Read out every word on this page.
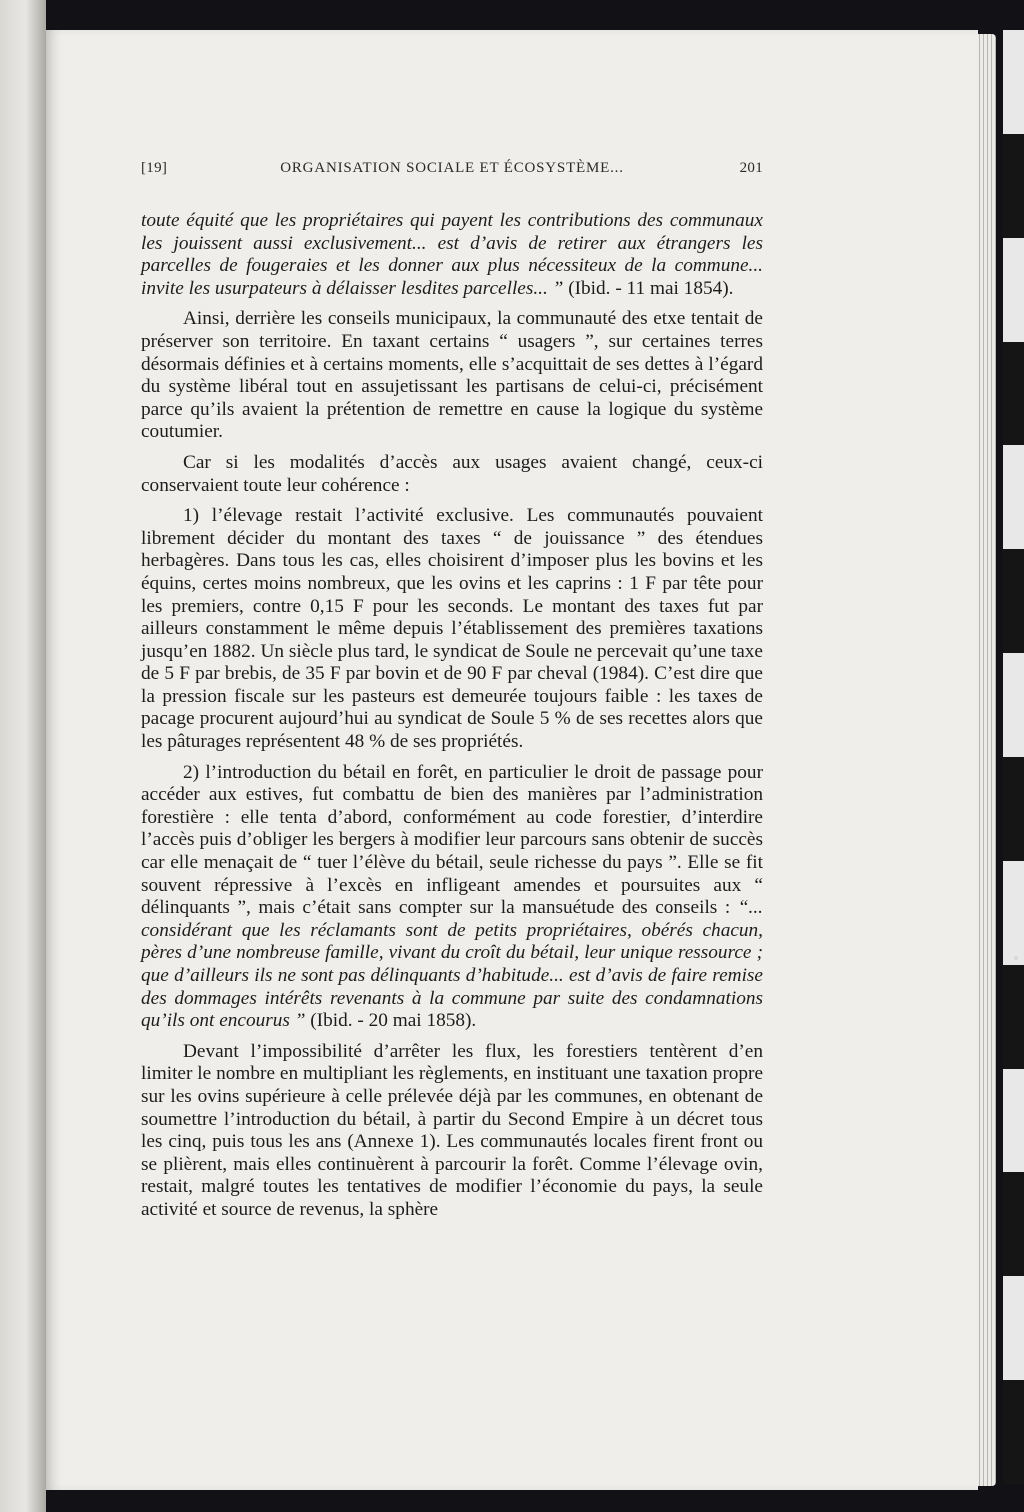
[19]	ORGANISATION SOCIALE ET ÉCOSYSTÈME...	201

toute équité que les propriétaires qui payent les contributions des communaux les jouissent aussi exclusivement... est d’avis de retirer aux étrangers les parcelles de fougeraies et les donner aux plus nécessiteux de la commune... invite les usurpateurs à délaisser lesdites parcelles... ” (Ibid. - 11 mai 1854).

Ainsi, derrière les conseils municipaux, la communauté des etxe tentait de préserver son territoire. En taxant certains “ usagers ”, sur certaines terres désormais définies et à certains moments, elle s’acquittait de ses dettes à l’égard du système libéral tout en assujetissant les partisans de celui-ci, précisément parce qu’ils avaient la prétention de remettre en cause la logique du système coutumier.

Car si les modalités d’accès aux usages avaient changé, ceux-ci conservaient toute leur cohérence :

1) l’élevage restait l’activité exclusive. Les communautés pouvaient librement décider du montant des taxes “ de jouissance ” des étendues herbagères. Dans tous les cas, elles choisirent d’imposer plus les bovins et les équins, certes moins nombreux, que les ovins et les caprins : 1 F par tête pour les premiers, contre 0,15 F pour les seconds. Le montant des taxes fut par ailleurs constamment le même depuis l’établissement des premières taxations jusqu’en 1882. Un siècle plus tard, le syndicat de Soule ne percevait qu’une taxe de 5 F par brebis, de 35 F par bovin et de 90 F par cheval (1984). C’est dire que la pression fiscale sur les pasteurs est demeurée toujours faible : les taxes de pacage procurent aujourd’hui au syndicat de Soule 5 % de ses recettes alors que les pâturages représentent 48 % de ses propriétés.

2) l’introduction du bétail en forêt, en particulier le droit de passage pour accéder aux estives, fut combattu de bien des manières par l’administration forestière : elle tenta d’abord, conformément au code forestier, d’interdire l’accès puis d’obliger les bergers à modifier leur parcours sans obtenir de succès car elle menaçait de “ tuer l’élève du bétail, seule richesse du pays ”. Elle se fit souvent répressive à l’excès en infligeant amendes et poursuites aux “ délinquants ”, mais c’était sans compter sur la mansuétude des conseils : “... considérant que les réclamants sont de petits propriétaires, obérés chacun, pères d’une nombreuse famille, vivant du croît du bétail, leur unique ressource ; que d’ailleurs ils ne sont pas délinquants d’habitude... est d’avis de faire remise des dommages intérêts revenants à la commune par suite des condamnations qu’ils ont encourus ” (Ibid. - 20 mai 1858).

Devant l’impossibilité d’arrêter les flux, les forestiers tentèrent d’en limiter le nombre en multipliant les règlements, en instituant une taxation propre sur les ovins supérieure à celle prélevée déjà par les communes, en obtenant de soumettre l’introduction du bétail, à partir du Second Empire à un décret tous les cinq, puis tous les ans (Annexe 1). Les communautés locales firent front ou se plièrent, mais elles continuèrent à parcourir la forêt. Comme l’élevage ovin, restait, malgré toutes les tentatives de modifier l’économie du pays, la seule activité et source de revenus, la sphère
